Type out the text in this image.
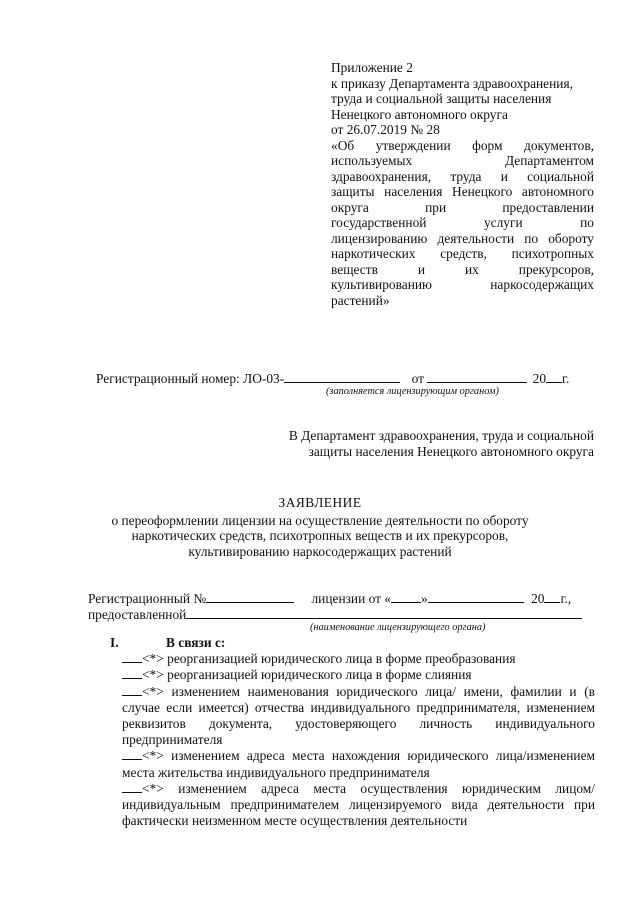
Приложение 2
к приказу Департамента здравоохранения,
труда и социальной защиты населения
Ненецкого автономного округа
от 26.07.2019 № 28
«Об утверждении форм документов,
используемых Департаментом
здравоохранения, труда и социальной
защиты населения Ненецкого автономного
округа при предоставлении
государственной услуги по
лицензированию деятельности по обороту
наркотических средств, психотропных
веществ и их прекурсоров,
культивированию наркосодержащих
растений»
Регистрационный номер: ЛО-03-	от	20 г.
(заполняется лицензирующим органом)
В Департамент здравоохранения, труда и социальной
защиты населения Ненецкого автономного округа
ЗАЯВЛЕНИЕ
о переоформлении лицензии на осуществление деятельности по обороту
наркотических средств, психотропных веществ и их прекурсоров,
культивированию наркосодержащих растений
Регистрационный №	лицензии от « »	20 г.,
предоставленной
(наименование лицензирующего органа)
I.	В связи с:
<*> реорганизацией юридического лица в форме преобразования
<*> реорганизацией юридического лица в форме слияния
<*> изменением наименования юридического лица/ имени, фамилии и (в случае если имеется) отчества индивидуального предпринимателя, изменением реквизитов документа, удостоверяющего личность индивидуального предпринимателя
<*> изменением адреса места нахождения юридического лица/изменением места жительства индивидуального предпринимателя
<*> изменением адреса места осуществления юридическим лицом/ индивидуальным предпринимателем лицензируемого вида деятельности при фактически неизменном месте осуществления деятельности
